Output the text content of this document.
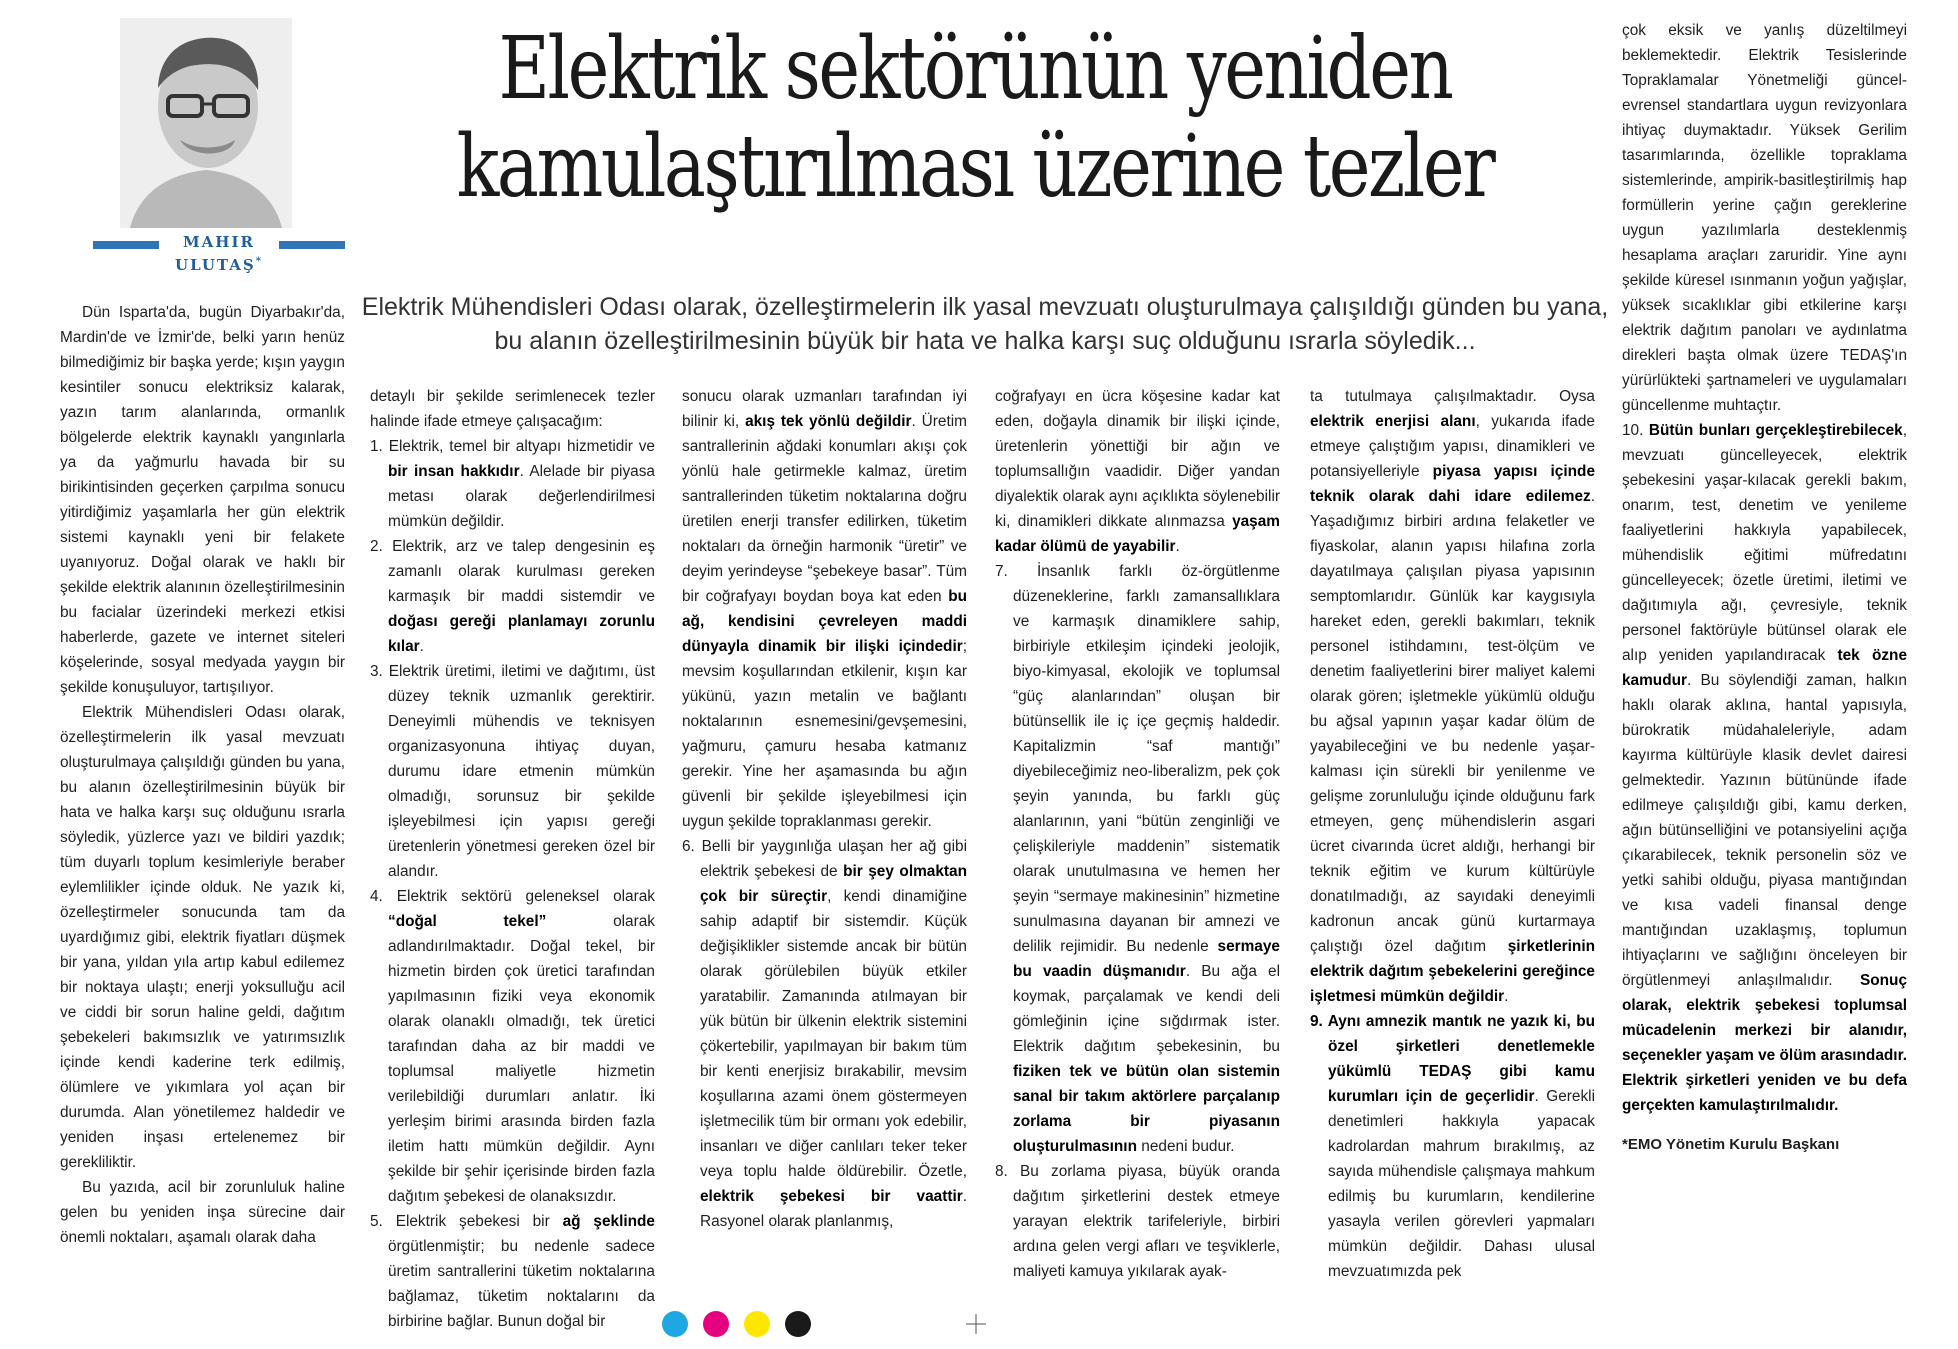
MAHIR
ULUTAŞ*
Elektrik sektörünün yeniden
kamulaştırılması üzerine tezler
Elektrik Mühendisleri Odası olarak, özelleştirmelerin ilk yasal mevzuatı oluşturulmaya çalışıldığı günden bu yana, bu alanın özelleştirilmesinin büyük bir hata ve halka karşı suç olduğunu ısrarla söyledik...

Dün Isparta'da, bugün Diyarbakır'da, Mardin'de ve İzmir'de, belki yarın henüz bilmediğimiz bir başka yerde; kışın yaygın kesintiler sonucu elektriksiz kalarak, yazın tarım alanlarında, ormanlık bölgelerde elektrik kaynaklı yangınlarla ya da yağmurlu havada bir su birikintisinden geçerken çarpılma sonucu yitirdiğimiz yaşamlarla her gün elektrik sistemi kaynaklı yeni bir felakete uyanıyoruz. Doğal olarak ve haklı bir şekilde elektrik alanının özelleştirilmesinin bu facialar üzerindeki merkezi etkisi haberlerde, gazete ve internet siteleri köşelerinde, sosyal medyada yaygın bir şekilde konuşuluyor, tartışılıyor.

Elektrik Mühendisleri Odası olarak, özelleştirmelerin ilk yasal mevzuatı oluşturulmaya çalışıldığı günden bu yana, bu alanın özelleştirilmesinin büyük bir hata ve halka karşı suç olduğunu ısrarla söyledik, yüzlerce yazı ve bildiri yazdık; tüm duyarlı toplum kesimleriyle beraber eylemlilikler içinde olduk. Ne yazık ki, özelleştirmeler sonucunda tam da uyardığımız gibi, elektrik fiyatları düşmek bir yana, yıldan yıla artıp kabul edilemez bir noktaya ulaştı; enerji yoksulluğu acil ve ciddi bir sorun haline geldi, dağıtım şebekeleri bakımsızlık ve yatırımsızlık içinde kendi kaderine terk edilmiş, ölümlere ve yıkımlara yol açan bir durumda. Alan yönetilemez haldedir ve yeniden inşası ertelenemez bir gerekliliktir.

Bu yazıda, acil bir zorunluluk haline gelen bu yeniden inşa sürecine dair önemli noktaları, aşamalı olarak daha

detaylı bir şekilde serimlenecek tezler halinde ifade etmeye çalışacağım:

1. Elektrik, temel bir altyapı hizmetidir ve bir insan hakkıdır. Alelade bir piyasa metası olarak değerlendirilmesi mümkün değildir.

2. Elektrik, arz ve talep dengesinin eş zamanlı olarak kurulması gereken karmaşık bir maddi sistemdir ve doğası gereği planlamayı zorunlu kılar.

3. Elektrik üretimi, iletimi ve dağıtımı, üst düzey teknik uzmanlık gerektirir. Deneyimli mühendis ve teknisyen organizasyonuna ihtiyaç duyan, durumu idare etmenin mümkün olmadığı, sorunsuz bir şekilde işleyebilmesi için yapısı gereği üretenlerin yönetmesi gereken özel bir alandır.

4. Elektrik sektörü geleneksel olarak “doğal tekel” olarak adlandırılmaktadır. Doğal tekel, bir hizmetin birden çok üretici tarafından yapılmasının fiziki veya ekonomik olarak olanaklı olmadığı, tek üretici tarafından daha az bir maddi ve toplumsal maliyetle hizmetin verilebildiği durumları anlatır. İki yerleşim birimi arasında birden fazla iletim hattı mümkün değildir. Aynı şekilde bir şehir içerisinde birden fazla dağıtım şebekesi de olanaksızdır.

5. Elektrik şebekesi bir ağ şeklinde örgütlenmiştir; bu nedenle sadece üretim santrallerini tüketim noktalarına bağlamaz, tüketim noktalarını da birbirine bağlar. Bunun doğal bir

sonucu olarak uzmanları tarafından iyi bilinir ki, akış tek yönlü değildir. Üretim santrallerinin ağdaki konumları akışı çok yönlü hale getirmekle kalmaz, üretim santrallerinden tüketim noktalarına doğru üretilen enerji transfer edilirken, tüketim noktaları da örneğin harmonik “üretir” ve deyim yerindeyse “şebekeye basar”. Tüm bir coğrafyayı boydan boya kat eden bu ağ, kendisini çevreleyen maddi dünyayla dinamik bir ilişki içindedir; mevsim koşullarından etkilenir, kışın kar yükünü, yazın metalin ve bağlantı noktalarının esnemesini/gevşemesini, yağmuru, çamuru hesaba katmanız gerekir. Yine her aşamasında bu ağın güvenli bir şekilde işleyebilmesi için uygun şekilde topraklanması gerekir.

6. Belli bir yaygınlığa ulaşan her ağ gibi elektrik şebekesi de bir şey olmaktan çok bir süreçtir, kendi dinamiğine sahip adaptif bir sistemdir. Küçük değişiklikler sistemde ancak bir bütün olarak görülebilen büyük etkiler yaratabilir. Zamanında atılmayan bir yük bütün bir ülkenin elektrik sistemini çökertebilir, yapılmayan bir bakım tüm bir kenti enerjisiz bırakabilir, mevsim koşullarına azami önem göstermeyen işletmecilik tüm bir ormanı yok edebilir, insanları ve diğer canlıları teker teker veya toplu halde öldürebilir. Özetle, elektrik şebekesi bir vaattir. Rasyonel olarak planlanmış,

coğrafyayı en ücra köşesine kadar kat eden, doğayla dinamik bir ilişki içinde, üretenlerin yönettiği bir ağın ve toplumsallığın vaadidir. Diğer yandan diyalektik olarak aynı açıklıkta söylenebilir ki, dinamikleri dikkate alınmazsa yaşam kadar ölümü de yayabilir.

7. İnsanlık farklı öz-örgütlenme düzeneklerine, farklı zamansallıklara ve karmaşık dinamiklere sahip, birbiriyle etkileşim içindeki jeolojik, biyo-kimyasal, ekolojik ve toplumsal “güç alanlarından” oluşan bir bütünsellik ile iç içe geçmiş haldedir. Kapitalizmin “saf mantığı” diyebileceğimiz neo-liberalizm, pek çok şeyin yanında, bu farklı güç alanlarının, yani “bütün zenginliği ve çelişkileriyle maddenin” sistematik olarak unutulmasına ve hemen her şeyin “sermaye makinesinin” hizmetine sunulmasına dayanan bir amnezi ve delilik rejimidir. Bu nedenle sermaye bu vaadin düşmanıdır. Bu ağa el koymak, parçalamak ve kendi deli gömleğinin içine sığdırmak ister. Elektrik dağıtım şebekesinin, bu fiziken tek ve bütün olan sistemin sanal bir takım aktörlere parçalanıp zorlama bir piyasanın oluşturulmasının nedeni budur.

8. Bu zorlama piyasa, büyük oranda dağıtım şirketlerini destek etmeye yarayan elektrik tarifeleriyle, birbiri ardına gelen vergi afları ve teşviklerle, maliyeti kamuya yıkılarak ayak-

ta tutulmaya çalışılmaktadır. Oysa elektrik enerjisi alanı, yukarıda ifade etmeye çalıştığım yapısı, dinamikleri ve potansiyelleriyle piyasa yapısı içinde teknik olarak dahi idare edilemez. Yaşadığımız birbiri ardına felaketler ve fiyaskolar, alanın yapısı hilafına zorla dayatılmaya çalışılan piyasa yapısının semptomlarıdır. Günlük kar kaygısıyla hareket eden, gerekli bakımları, teknik personel istihdamını, test-ölçüm ve denetim faaliyetlerini birer maliyet kalemi olarak gören; işletmekle yükümlü olduğu bu ağsal yapının yaşar kadar ölüm de yayabileceğini ve bu nedenle yaşar-kalması için sürekli bir yenilenme ve gelişme zorunluluğu içinde olduğunu fark etmeyen, genç mühendislerin asgari ücret civarında ücret aldığı, herhangi bir teknik eğitim ve kurum kültürüyle donatılmadığı, az sayıdaki deneyimli kadronun ancak günü kurtarmaya çalıştığı özel dağıtım şirketlerinin elektrik dağıtım şebekelerini gereğince işletmesi mümkün değildir.

9. Aynı amnezik mantık ne yazık ki, bu özel şirketleri denetlemekle yükümlü TEDAŞ gibi kamu kurumları için de geçerlidir. Gerekli denetimleri hakkıyla yapacak kadrolardan mahrum bırakılmış, az sayıda mühendisle çalışmaya mahkum edilmiş bu kurumların, kendilerine yasayla verilen görevleri yapmaları mümkün değildir. Dahası ulusal mevzuatımızda pek

çok eksik ve yanlış düzeltilmeyi beklemektedir. Elektrik Tesislerinde Topraklamalar Yönetmeliği güncel-evrensel standartlara uygun revizyonlara ihtiyaç duymaktadır. Yüksek Gerilim tasarımlarında, özellikle topraklama sistemlerinde, ampirik-basitleştirilmiş hap formüllerin yerine çağın gereklerine uygun yazılımlarla desteklenmiş hesaplama araçları zaruridir. Yine aynı şekilde küresel ısınmanın yoğun yağışlar, yüksek sıcaklıklar gibi etkilerine karşı elektrik dağıtım panoları ve aydınlatma direkleri başta olmak üzere TEDAŞ'ın yürürlükteki şartnameleri ve uygulamaları güncellenme muhtaçtır.

10. Bütün bunları gerçekleştirebilecek, mevzuatı güncelleyecek, elektrik şebekesini yaşar-kılacak gerekli bakım, onarım, test, denetim ve yenileme faaliyetlerini hakkıyla yapabilecek, mühendislik eğitimi müfredatını güncelleyecek; özetle üretimi, iletimi ve dağıtımıyla ağı, çevresiyle, teknik personel faktörüyle bütünsel olarak ele alıp yeniden yapılandıracak tek özne kamudur. Bu söylendiği zaman, halkın haklı olarak aklına, hantal yapısıyla, bürokratik müdahaleleriyle, adam kayırma kültürüyle klasik devlet dairesi gelmektedir. Yazının bütününde ifade edilmeye çalışıldığı gibi, kamu derken, ağın bütünselliğini ve potansiyelini açığa çıkarabilecek, teknik personelin söz ve yetki sahibi olduğu, piyasa mantığından ve kısa vadeli finansal denge mantığından uzaklaşmış, toplumun ihtiyaçlarını ve sağlığını önceleyen bir örgütlenmeyi anlaşılmalıdır. Sonuç olarak, elektrik şebekesi toplumsal mücadelenin merkezi bir alanıdır, seçenekler yaşam ve ölüm arasındadır. Elektrik şirketleri yeniden ve bu defa gerçekten kamulaştırılmalıdır.

*EMO Yönetim Kurulu Başkanı
